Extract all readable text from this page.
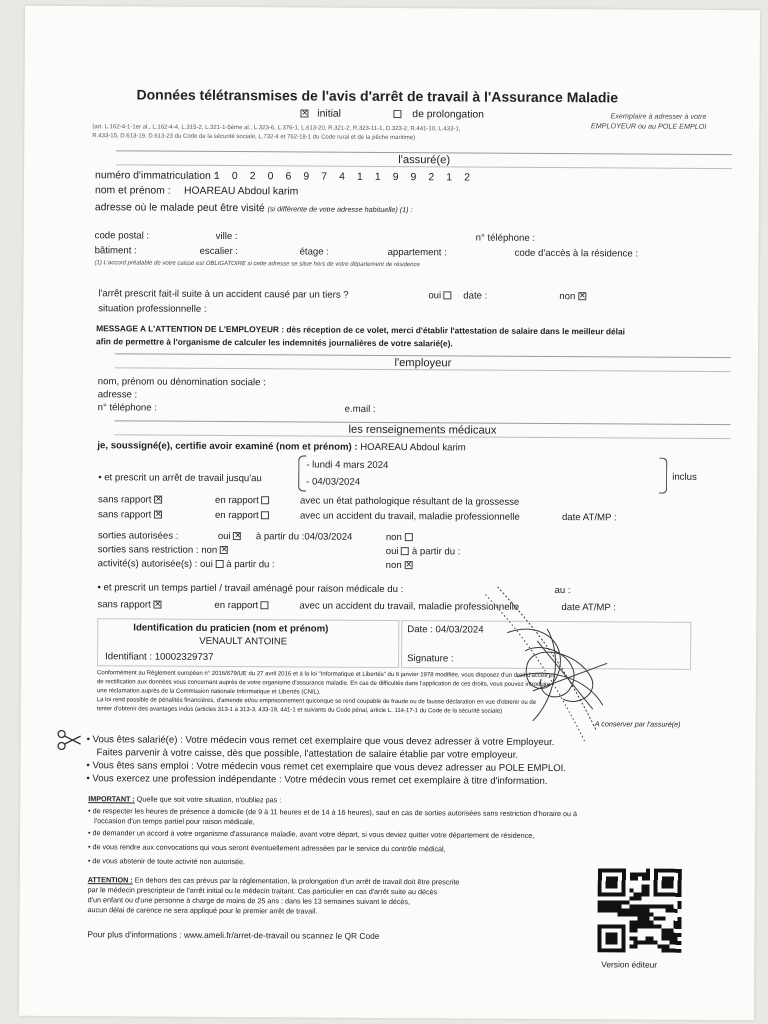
Données télétransmises de l'avis d'arrêt de travail à l'Assurance Maladie
✕ initial	de prolongation
(art. L.162-4-1-1er al., L.162-4-4, L.315-2, L.321-1-5ème al., L.323-6, L.376-1, L.613-20, R.321-2, R.323-11-1, D.323-2, R.441-10, L.433-1,
R.433-15, D.613-19, D.613-23 du Code de la sécurité sociale, L.732-4 et 762-18-1 du Code rural et de la pêche maritime)
Exemplaire à adresser à votre EMPLOYEUR ou au POLE EMPLOI
l'assuré(e)
numéro d'immatriculation :
1 0 2 0 6 9 7 4 1 1 9 9 2 1 2
nom et prénom : HOAREAU Abdoul karim
adresse où le malade peut être visité (si différente de votre adresse habituelle) (1) :
code postal :	ville :	n° téléphone :
bâtiment :	escalier :	étage :	appartement :	code d'accès à la résidence :
(1) L'accord préalable de votre caisse est OBLIGATOIRE si cette adresse se situe hors de votre département de résidence
l'arrêt prescrit fait-il suite à un accident causé par un tiers ?	oui	date :	non ✕
situation professionnelle :
MESSAGE A L'ATTENTION DE L'EMPLOYEUR : dès réception de ce volet, merci d'établir l'attestation de salaire dans le meilleur délai
afin de permettre à l'organisme de calculer les indemnités journalières de votre salarié(e).
l'employeur
nom, prénom ou dénomination sociale :
adresse :
n° téléphone :	e.mail :
les renseignements médicaux
je, soussigné(e), certifie avoir examiné (nom et prénom) : HOAREAU Abdoul karim
• et prescrit un arrêt de travail jusqu'au
- lundi 4 mars 2024
- 04/03/2024	inclus
sans rapport ✕	en rapport	avec un état pathologique résultant de la grossesse
sans rapport ✕	en rapport	avec un accident du travail, maladie professionnelle	date AT/MP :
sorties autorisées :	oui ✕	à partir du :04/03/2024	non
sorties sans restriction : non ✕	oui à partir du :
activité(s) autorisée(s) : oui à partir du :	non ✕
• et prescrit un temps partiel / travail aménagé pour raison médicale du :	au :
sans rapport ✕	en rapport	avec un accident du travail, maladie professionnelle	date AT/MP :
Identification du praticien (nom et prénom)
VENAULT ANTOINE
Identifiant : 10002329737
Date : 04/03/2024
Signature :
Conformément au Règlement européen n° 2016/679/UE du 27 avril 2016 et à la loi "Informatique et Libertés" du 6 janvier 1978 modifiée, vous disposez d'un droit d'accès et
de rectification aux données vous concernant auprès de votre organisme d'assurance maladie. En cas de difficultés dans l'application de ces droits, vous pouvez introduire
une réclamation auprès de la Commission nationale Informatique et Libertés (CNIL).
La loi rend passible de pénalités financières, d'amende et/ou emprisonnement quiconque se rend coupable de fraude ou de fausse déclaration en vue d'obtenir ou de
tenter d'obtenir des avantages indus (articles 313-1 à 313-3, 433-19, 441-1 et suivants du Code pénal, article L. 114-17-1 du Code de la sécurité sociale)
A conserver par l'assuré(e)
• Vous êtes salarié(e) : Votre médecin vous remet cet exemplaire que vous devez adresser à votre Employeur.
Faites parvenir à votre caisse, dès que possible, l'attestation de salaire établie par votre employeur.
• Vous êtes sans emploi : Votre médecin vous remet cet exemplaire que vous devez adresser au POLE EMPLOI.
• Vous exercez une profession indépendante : Votre médecin vous remet cet exemplaire à titre d'information.
IMPORTANT : Quelle que soit votre situation, n'oubliez pas :
• de respecter les heures de présence à domicile (de 9 à 11 heures et de 14 à 16 heures), sauf en cas de sorties autorisées sans restriction d'horaire ou à
l'occasion d'un temps partiel pour raison médicale,
• de demander un accord à votre organisme d'assurance maladie, avant votre départ, si vous deviez quitter votre département de résidence,
• de vous rendre aux convocations qui vous seront éventuellement adressées par le service du contrôle médical,
• de vous abstenir de toute activité non autorisée.
ATTENTION : En dehors des cas prévus par la réglementation, la prolongation d'un arrêt de travail doit être prescrite
par le médecin prescripteur de l'arrêt initial ou le médecin traitant. Cas particulier en cas d'arrêt suite au décès
d'un enfant ou d'une personne à charge de moins de 25 ans : dans les 13 semaines suivant le décès,
aucun délai de carence ne sera appliqué pour le premier arrêt de travail.
Pour plus d'informations : www.ameli.fr/arret-de-travail ou scannez le QR Code
Version éditeur
